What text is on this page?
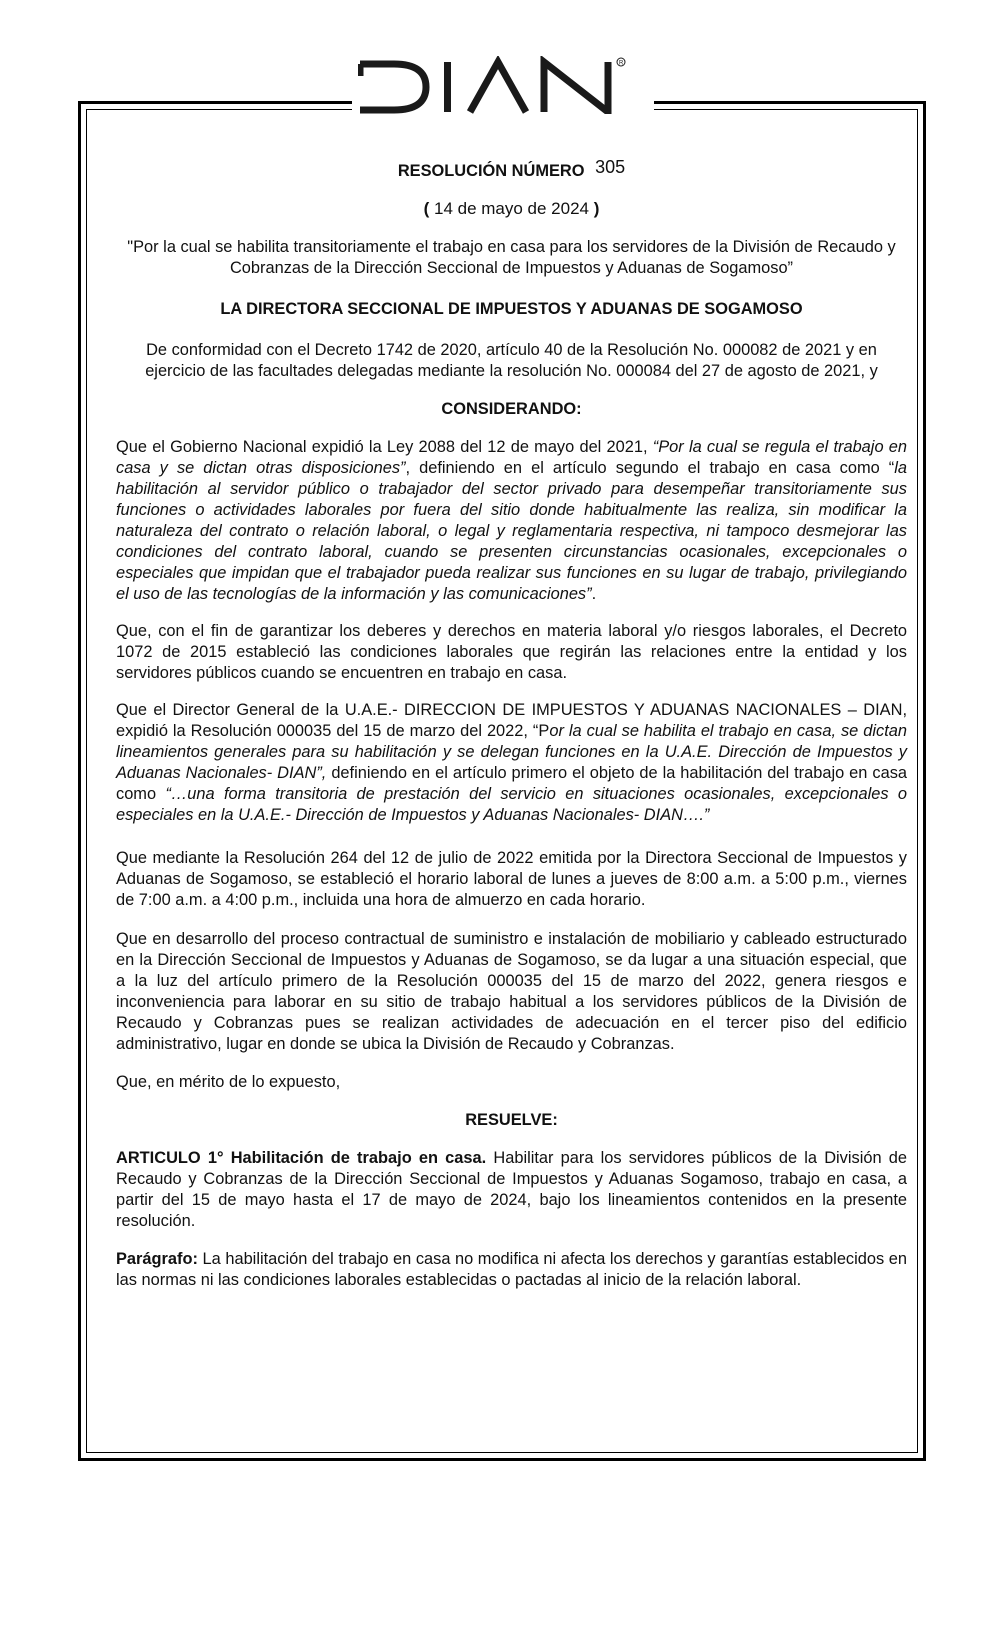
R
RESOLUCIÓN NÚMERO 305
( 14 de mayo de 2024 )
"Por la cual se habilita transitoriamente el trabajo en casa para los servidores de la División de Recaudo y Cobranzas de la Dirección Seccional de Impuestos y Aduanas de Sogamoso”
LA DIRECTORA SECCIONAL DE IMPUESTOS Y ADUANAS DE SOGAMOSO
De conformidad con el Decreto 1742 de 2020, artículo 40 de la Resolución No. 000082 de 2021 y en ejercicio de las facultades delegadas mediante la resolución No. 000084 del 27 de agosto de 2021, y
CONSIDERANDO:
Que el Gobierno Nacional expidió la Ley 2088 del 12 de mayo del 2021, “Por la cual se regula el trabajo en casa y se dictan otras disposiciones”, definiendo en el artículo segundo el trabajo en casa como “la habilitación al servidor público o trabajador del sector privado para desempeñar transitoriamente sus funciones o actividades laborales por fuera del sitio donde habitualmente las realiza, sin modificar la naturaleza del contrato o relación laboral, o legal y reglamentaria respectiva, ni tampoco desmejorar las condiciones del contrato laboral, cuando se presenten circunstancias ocasionales, excepcionales o especiales que impidan que el trabajador pueda realizar sus funciones en su lugar de trabajo, privilegiando el uso de las tecnologías de la información y las comunicaciones”.
Que, con el fin de garantizar los deberes y derechos en materia laboral y/o riesgos laborales, el Decreto 1072 de 2015 estableció las condiciones laborales que regirán las relaciones entre la entidad y los servidores públicos cuando se encuentren en trabajo en casa.
Que el Director General de la U.A.E.- DIRECCION DE IMPUESTOS Y ADUANAS NACIONALES – DIAN, expidió la Resolución 000035 del 15 de marzo del 2022, “Por la cual se habilita el trabajo en casa, se dictan lineamientos generales para su habilitación y se delegan funciones en la U.A.E. Dirección de Impuestos y Aduanas Nacionales- DIAN”, definiendo en el artículo primero el objeto de la habilitación del trabajo en casa como “…una forma transitoria de prestación del servicio en situaciones ocasionales, excepcionales o especiales en la U.A.E.- Dirección de Impuestos y Aduanas Nacionales- DIAN….”
Que mediante la Resolución 264 del 12 de julio de 2022 emitida por la Directora Seccional de Impuestos y Aduanas de Sogamoso, se estableció el horario laboral de lunes a jueves de 8:00 a.m. a 5:00 p.m., viernes de 7:00 a.m. a 4:00 p.m., incluida una hora de almuerzo en cada horario.
Que en desarrollo del proceso contractual de suministro e instalación de mobiliario y cableado estructurado en la Dirección Seccional de Impuestos y Aduanas de Sogamoso, se da lugar a una situación especial, que a la luz del artículo primero de la Resolución 000035 del 15 de marzo del 2022, genera riesgos e inconveniencia para laborar en su sitio de trabajo habitual a los servidores públicos de la División de Recaudo y Cobranzas pues se realizan actividades de adecuación en el tercer piso del edificio administrativo, lugar en donde se ubica la División de Recaudo y Cobranzas.
Que, en mérito de lo expuesto,
RESUELVE:
ARTICULO 1° Habilitación de trabajo en casa. Habilitar para los servidores públicos de la División de Recaudo y Cobranzas de la Dirección Seccional de Impuestos y Aduanas Sogamoso, trabajo en casa, a partir del 15 de mayo hasta el 17 de mayo de 2024, bajo los lineamientos contenidos en la presente resolución.
Parágrafo: La habilitación del trabajo en casa no modifica ni afecta los derechos y garantías establecidos en las normas ni las condiciones laborales establecidas o pactadas al inicio de la relación laboral.
